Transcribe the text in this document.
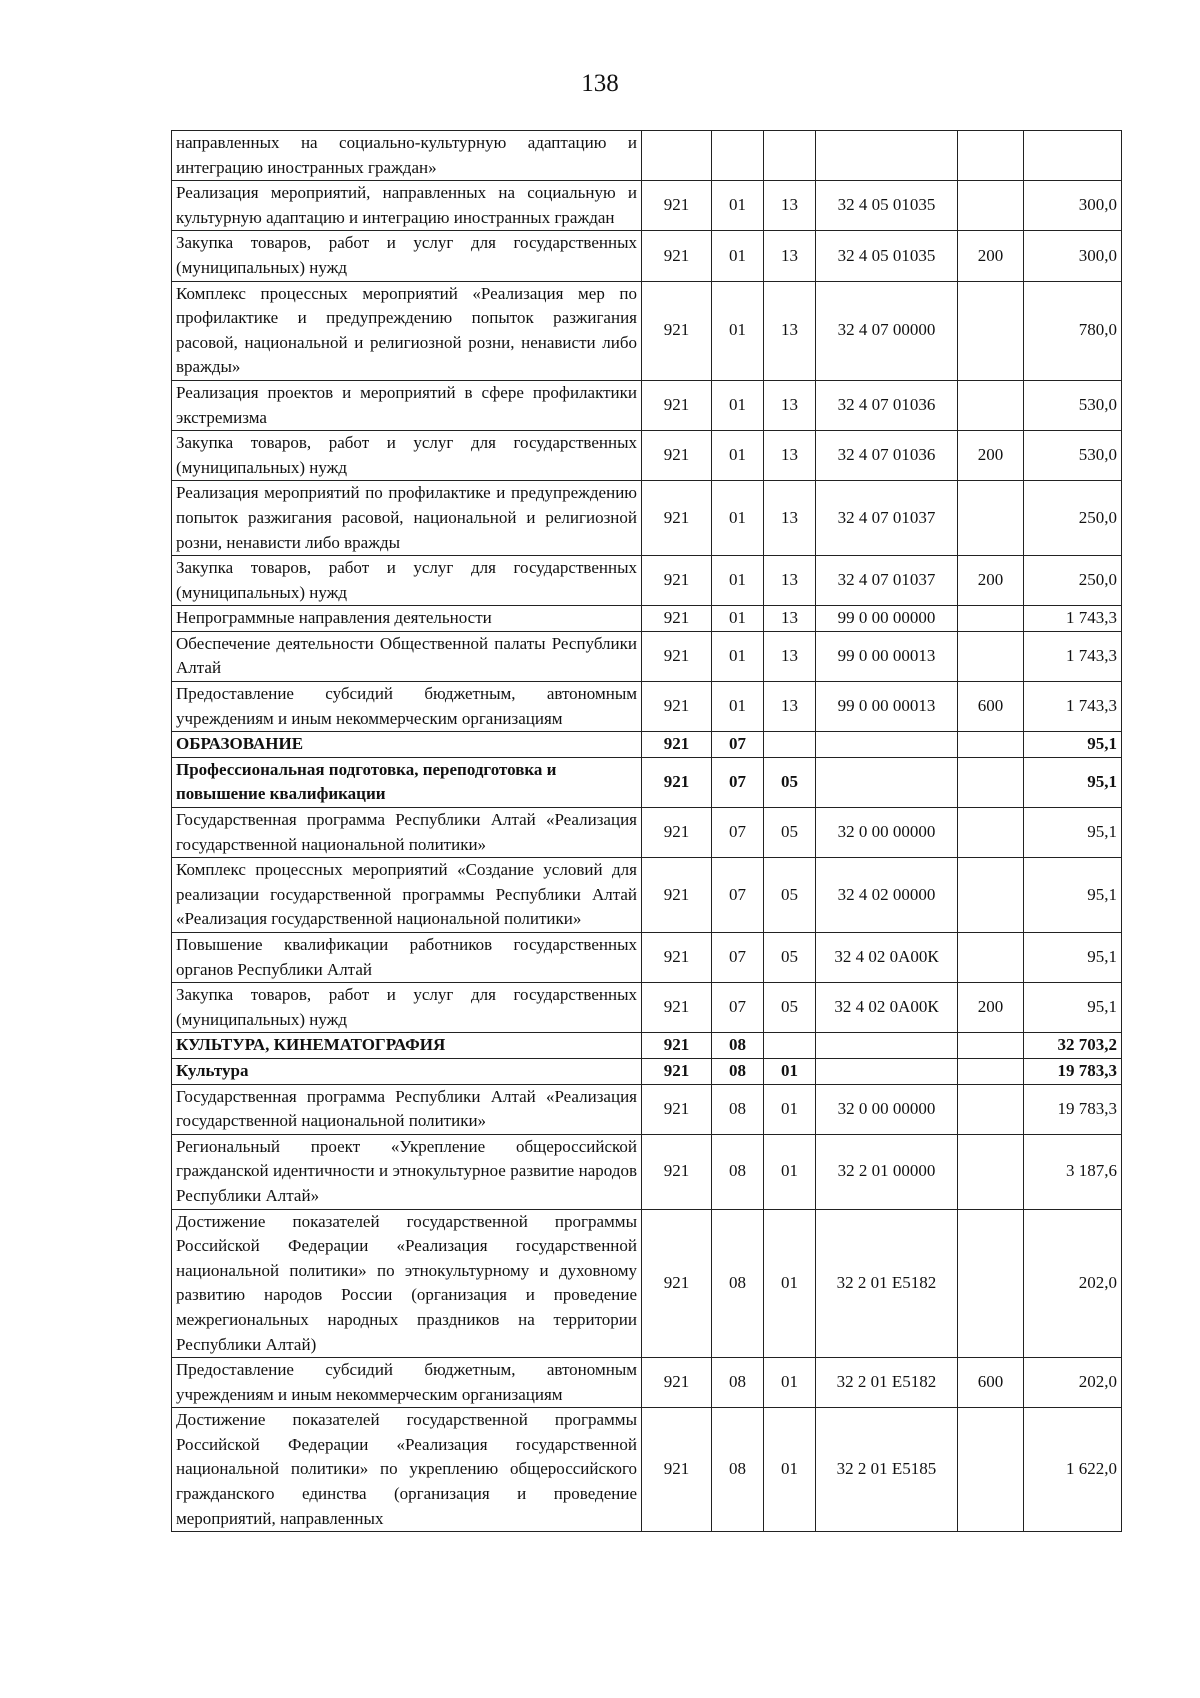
138
направленных на социально-культурную адаптацию и интеграцию иностранных граждан»						
Реализация мероприятий, направленных на социальную и культурную адаптацию и интеграцию иностранных граждан	921	01	13	32 4 05 01035		300,0
Закупка товаров, работ и услуг для государственных (муниципальных) нужд	921	01	13	32 4 05 01035	200	300,0
Комплекс процессных мероприятий «Реализация мер по профилактике и предупреждению попыток разжигания расовой, национальной и религиозной розни, ненависти либо вражды»	921	01	13	32 4 07 00000		780,0
Реализация проектов и мероприятий в сфере профилактики экстремизма	921	01	13	32 4 07 01036		530,0
Закупка товаров, работ и услуг для государственных (муниципальных) нужд	921	01	13	32 4 07 01036	200	530,0
Реализация мероприятий по профилактике и предупреждению попыток разжигания расовой, национальной и религиозной розни, ненависти либо вражды	921	01	13	32 4 07 01037		250,0
Закупка товаров, работ и услуг для государственных (муниципальных) нужд	921	01	13	32 4 07 01037	200	250,0
Непрограммные направления деятельности	921	01	13	99 0 00 00000		1 743,3
Обеспечение деятельности Общественной палаты Республики Алтай	921	01	13	99 0 00 00013		1 743,3
Предоставление субсидий бюджетным, автономным учреждениям и иным некоммерческим организациям	921	01	13	99 0 00 00013	600	1 743,3
ОБРАЗОВАНИЕ	921	07				95,1
Профессиональная подготовка, переподготовка и повышение квалификации	921	07	05			95,1
Государственная программа Республики Алтай «Реализация государственной национальной политики»	921	07	05	32 0 00 00000		95,1
Комплекс процессных мероприятий «Создание условий для реализации государственной программы Республики Алтай «Реализация государственной национальной политики»	921	07	05	32 4 02 00000		95,1
Повышение квалификации работников государственных органов Республики Алтай	921	07	05	32 4 02 0А00К		95,1
Закупка товаров, работ и услуг для государственных (муниципальных) нужд	921	07	05	32 4 02 0А00К	200	95,1
КУЛЬТУРА, КИНЕМАТОГРАФИЯ	921	08				32 703,2
Культура	921	08	01			19 783,3
Государственная программа Республики Алтай «Реализация государственной национальной политики»	921	08	01	32 0 00 00000		19 783,3
Региональный проект «Укрепление общероссийской гражданской идентичности и этнокультурное развитие народов Республики Алтай»	921	08	01	32 2 01 00000		3 187,6
Достижение показателей государственной программы Российской Федерации «Реализация государственной национальной политики» по этнокультурному и духовному развитию народов России (организация и проведение межрегиональных народных праздников на территории Республики Алтай)	921	08	01	32 2 01 Е5182		202,0
Предоставление субсидий бюджетным, автономным учреждениям и иным некоммерческим организациям	921	08	01	32 2 01 Е5182	600	202,0
Достижение показателей государственной программы Российской Федерации «Реализация государственной национальной политики» по укреплению общероссийского гражданского единства (организация и проведение мероприятий, направленных	921	08	01	32 2 01 Е5185		1 622,0
